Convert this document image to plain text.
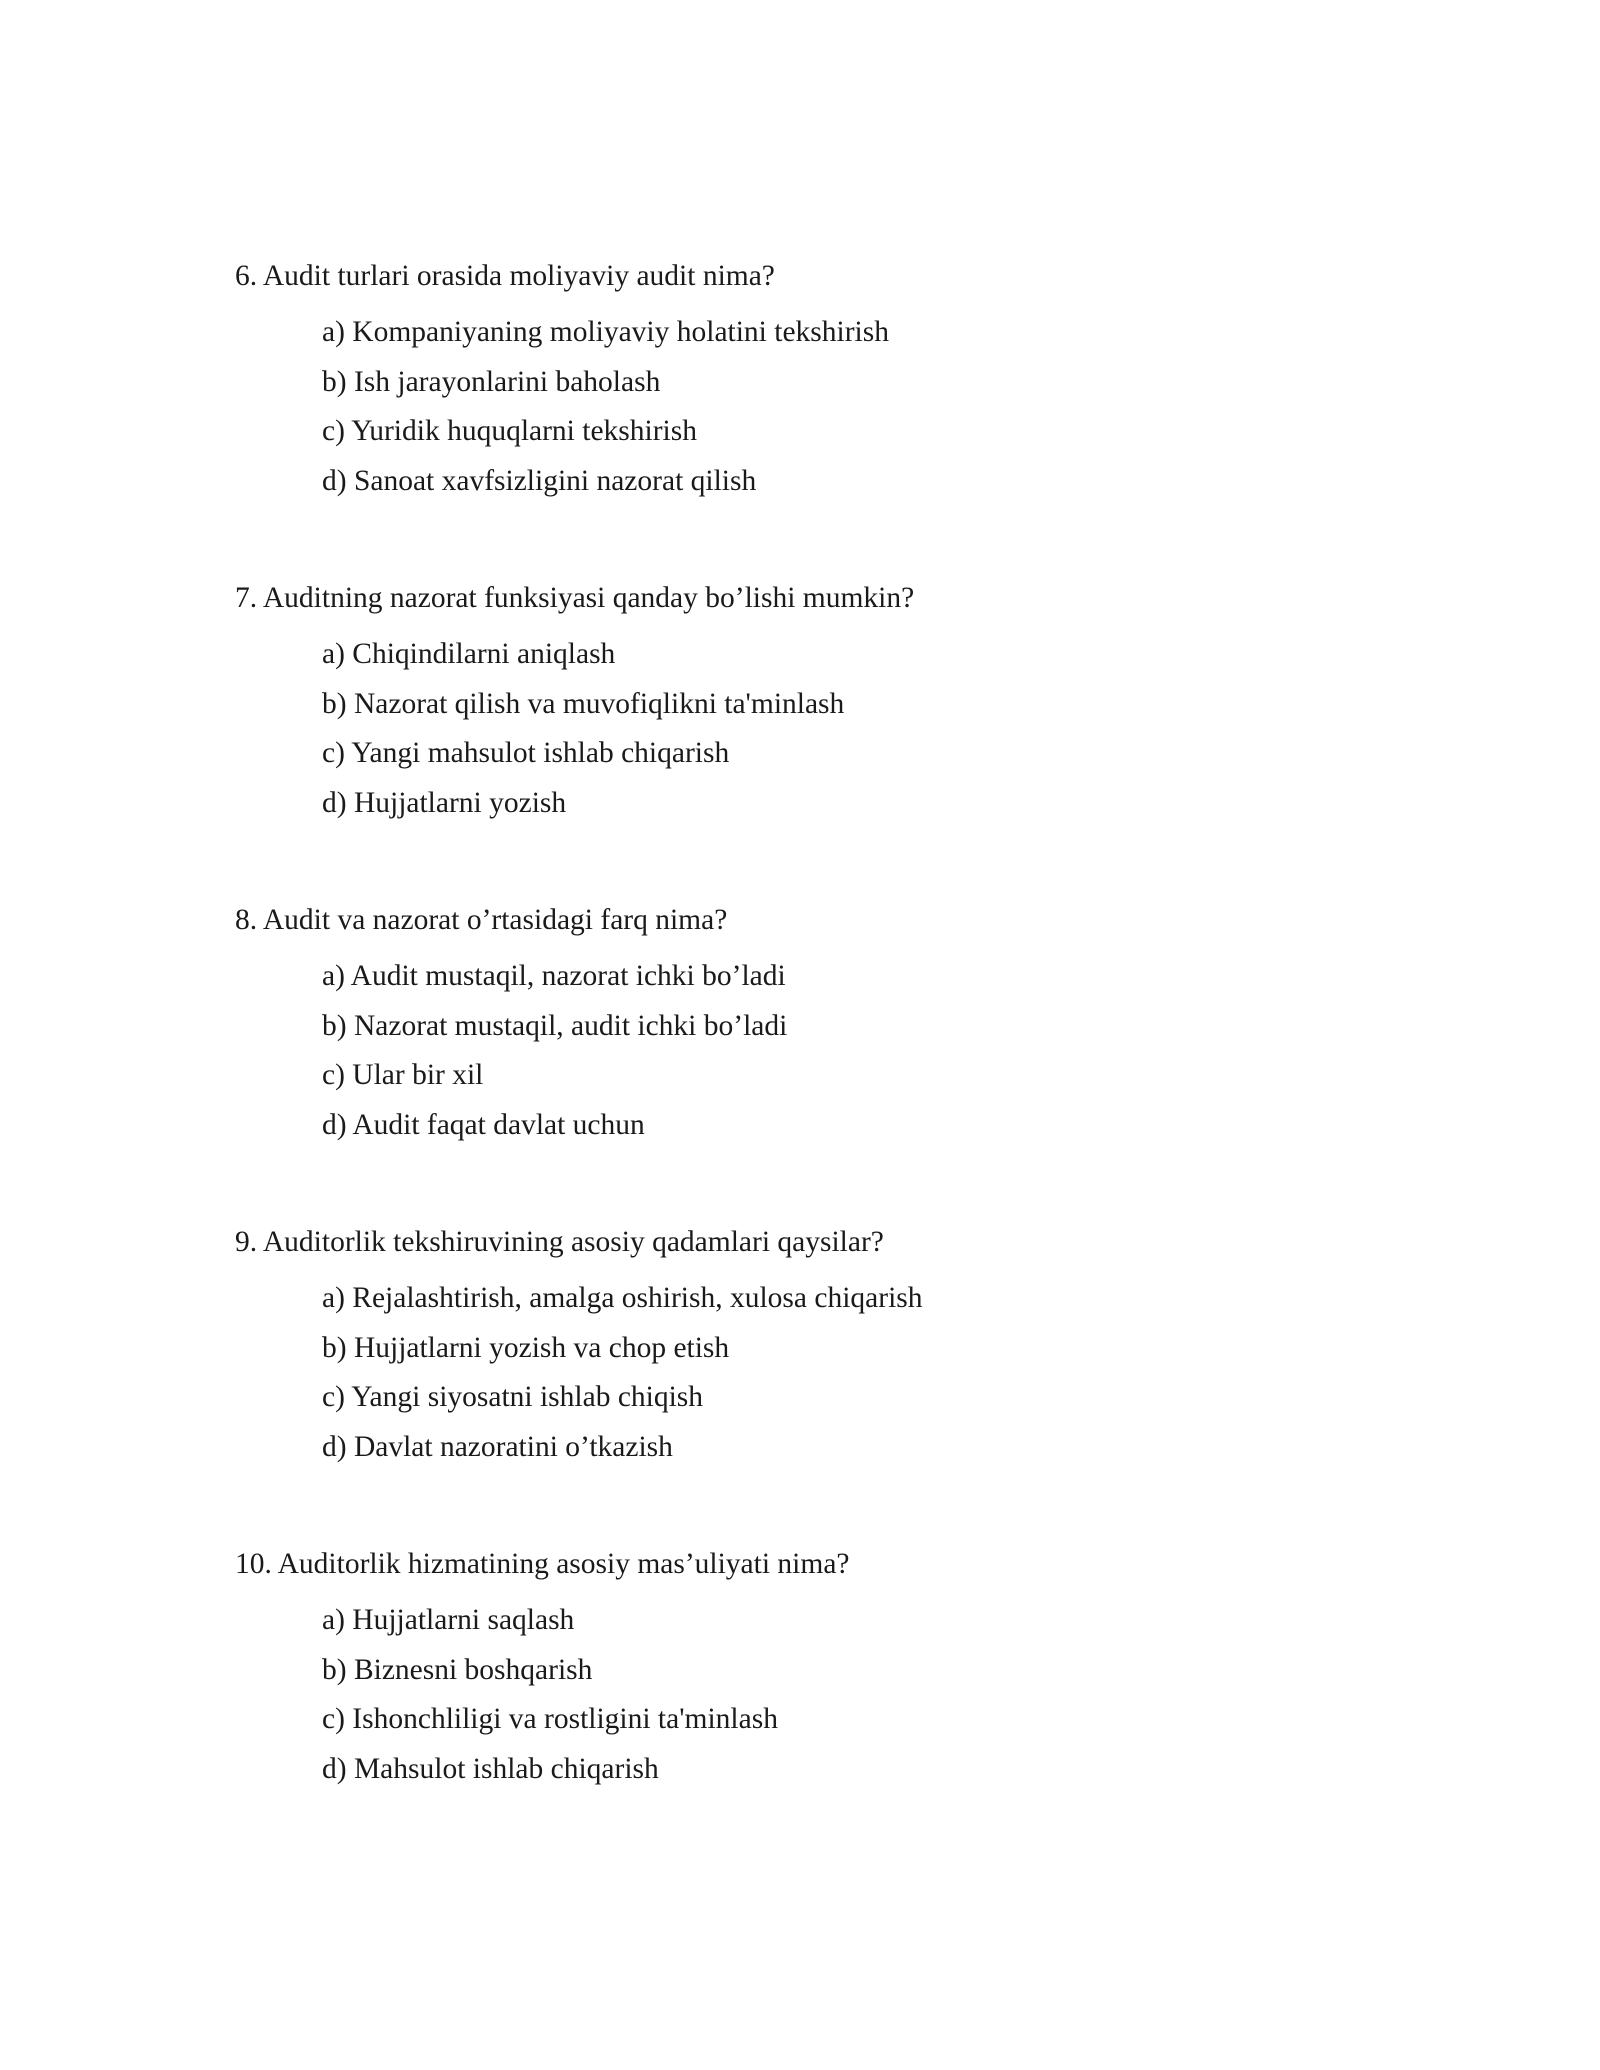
6. Audit turlari orasida moliyaviy audit nima?

a) Kompaniyaning moliyaviy holatini tekshirish
b) Ish jarayonlarini baholash
c) Yuridik huquqlarni tekshirish
d) Sanoat xavfsizligini nazorat qilish

7. Auditning nazorat funksiyasi qanday bo’lishi mumkin?

a) Chiqindilarni aniqlash
b) Nazorat qilish va muvofiqlikni ta'minlash
c) Yangi mahsulot ishlab chiqarish
d) Hujjatlarni yozish

8. Audit va nazorat o’rtasidagi farq nima?

a) Audit mustaqil, nazorat ichki bo’ladi
b) Nazorat mustaqil, audit ichki bo’ladi
c) Ular bir xil
d) Audit faqat davlat uchun

9. Auditorlik tekshiruvining asosiy qadamlari qaysilar?

a) Rejalashtirish, amalga oshirish, xulosa chiqarish
b) Hujjatlarni yozish va chop etish
c) Yangi siyosatni ishlab chiqish
d) Davlat nazoratini o’tkazish

10. Auditorlik hizmatining asosiy mas’uliyati nima?

a) Hujjatlarni saqlash
b) Biznesni boshqarish
c) Ishonchliligi va rostligini ta'minlash
d) Mahsulot ishlab chiqarish
